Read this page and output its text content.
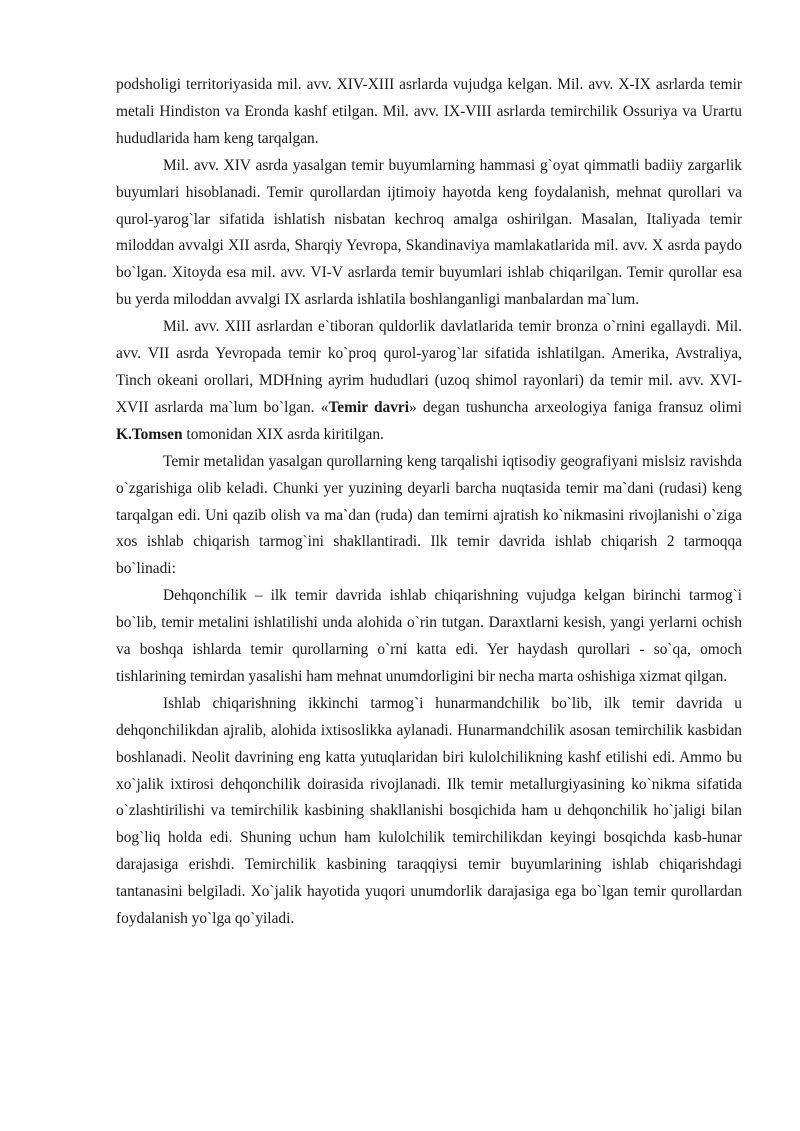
podsholigi territoriyasida mil. avv. XIV-XIII asrlarda vujudga kelgan. Mil. avv. X-IX asrlarda temir metali Hindiston va Eronda kashf etilgan. Mil. avv. IX-VIII asrlarda temirchilik Ossuriya va Urartu hududlarida ham keng tarqalgan.

Mil. avv. XIV asrda yasalgan temir buyumlarning hammasi g`oyat qimmatli badiiy zargarlik buyumlari hisoblanadi. Temir qurollardan ijtimoiy hayotda keng foydalanish, mehnat qurollari va qurol-yarog`lar sifatida ishlatish nisbatan kechroq amalga oshirilgan. Masalan, Italiyada temir miloddan avvalgi XII asrda, Sharqiy Yevropa, Skandinaviya mamlakatlarida mil. avv. X asrda paydo bo`lgan. Xitoyda esa mil. avv. VI-V asrlarda temir buyumlari ishlab chiqarilgan. Temir qurollar esa bu yerda miloddan avvalgi IX asrlarda ishlatila boshlanganligi manbalardan ma`lum.

Mil. avv. XIII asrlardan e`tiboran quldorlik davlatlarida temir bronza o`rnini egallaydi. Mil. avv. VII asrda Yevropada temir ko`proq qurol-yarog`lar sifatida ishlatilgan. Amerika, Avstraliya, Tinch okeani orollari, MDHning ayrim hududlari (uzoq shimol rayonlari) da temir mil. avv. XVI-XVII asrlarda ma`lum bo`lgan. «Temir davri» degan tushuncha arxeologiya faniga fransuz olimi K.Tomsen tomonidan XIX asrda kiritilgan.

Temir metalidan yasalgan qurollarning keng tarqalishi iqtisodiy geografiyani mislsiz ravishda o`zgarishiga olib keladi. Chunki yer yuzining deyarli barcha nuqtasida temir ma`dani (rudasi) keng tarqalgan edi. Uni qazib olish va ma`dan (ruda) dan temirni ajratish ko`nikmasini rivojlanishi o`ziga xos ishlab chiqarish tarmog`ini shakllantiradi. Ilk temir davrida ishlab chiqarish 2 tarmoqqa bo`linadi:

Dehqonchilik – ilk temir davrida ishlab chiqarishning vujudga kelgan birinchi tarmog`i bo`lib, temir metalini ishlatilishi unda alohida o`rin tutgan. Daraxtlarni kesish, yangi yerlarni ochish va boshqa ishlarda temir qurollarning o`rni katta edi. Yer haydash qurollari - so`qa, omoch tishlarining temirdan yasalishi ham mehnat unumdorligini bir necha marta oshishiga xizmat qilgan.

Ishlab chiqarishning ikkinchi tarmog`i hunarmandchilik bo`lib, ilk temir davrida u dehqonchilikdan ajralib, alohida ixtisoslikka aylanadi. Hunarmandchilik asosan temirchilik kasbidan boshlanadi. Neolit davrining eng katta yutuqlaridan biri kulolchilikning kashf etilishi edi. Ammo bu xo`jalik ixtirosi dehqonchilik doirasida rivojlanadi. Ilk temir metallurgiyasining ko`nikma sifatida o`zlashtirilishi va temirchilik kasbining shakllanishi bosqichida ham u dehqonchilik ho`jaligi bilan bog`liq holda edi. Shuning uchun ham kulolchilik temirchilikdan keyingi bosqichda kasb-hunar darajasiga erishdi. Temirchilik kasbining taraqqiysi temir buyumlarining ishlab chiqarishdagi tantanasini belgiladi. Xo`jalik hayotida yuqori unumdorlik darajasiga ega bo`lgan temir qurollardan foydalanish yo`lga qo`yiladi.
